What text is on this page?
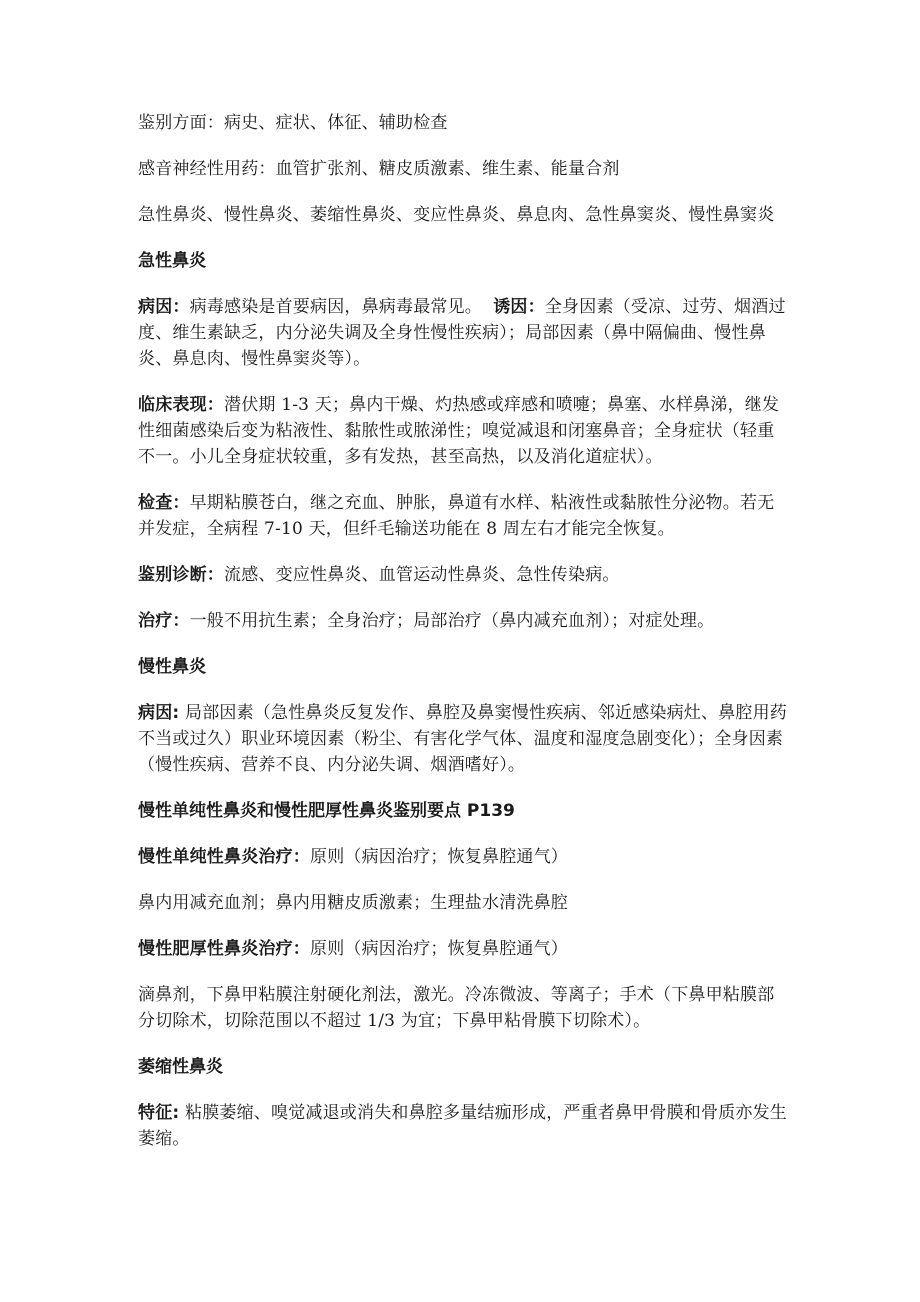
鉴别方面：病史、症状、体征、辅助检查

感音神经性用药：血管扩张剂、糖皮质激素、维生素、能量合剂

急性鼻炎、慢性鼻炎、萎缩性鼻炎、变应性鼻炎、鼻息肉、急性鼻窦炎、慢性鼻窦炎

急性鼻炎

病因：病毒感染是首要病因，鼻病毒最常见。 诱因：全身因素（受凉、过劳、烟酒过度、维生素缺乏，内分泌失调及全身性慢性疾病）；局部因素（鼻中隔偏曲、慢性鼻炎、鼻息肉、慢性鼻窦炎等）。

临床表现：潜伏期 1-3 天；鼻内干燥、灼热感或痒感和喷嚏；鼻塞、水样鼻涕，继发性细菌感染后变为粘液性、黏脓性或脓涕性；嗅觉减退和闭塞鼻音；全身症状（轻重不一。小儿全身症状较重，多有发热，甚至高热，以及消化道症状）。

检查：早期粘膜苍白，继之充血、肿胀，鼻道有水样、粘液性或黏脓性分泌物。若无并发症，全病程 7-10 天，但纤毛输送功能在 8 周左右才能完全恢复。

鉴别诊断：流感、变应性鼻炎、血管运动性鼻炎、急性传染病。

治疗：一般不用抗生素；全身治疗；局部治疗（鼻内减充血剂）；对症处理。

慢性鼻炎

病因: 局部因素（急性鼻炎反复发作、鼻腔及鼻窦慢性疾病、邻近感染病灶、鼻腔用药不当或过久）职业环境因素（粉尘、有害化学气体、温度和湿度急剧变化）；全身因素（慢性疾病、营养不良、内分泌失调、烟酒嗜好）。

慢性单纯性鼻炎和慢性肥厚性鼻炎鉴别要点 P139

慢性单纯性鼻炎治疗：原则（病因治疗；恢复鼻腔通气）

鼻内用减充血剂；鼻内用糖皮质激素；生理盐水清洗鼻腔

慢性肥厚性鼻炎治疗：原则（病因治疗；恢复鼻腔通气）

滴鼻剂，下鼻甲粘膜注射硬化剂法，激光。冷冻微波、等离子；手术（下鼻甲粘膜部分切除术，切除范围以不超过 1/3 为宜；下鼻甲粘骨膜下切除术）。

萎缩性鼻炎

特征: 粘膜萎缩、嗅觉减退或消失和鼻腔多量结痂形成，严重者鼻甲骨膜和骨质亦发生萎缩。
